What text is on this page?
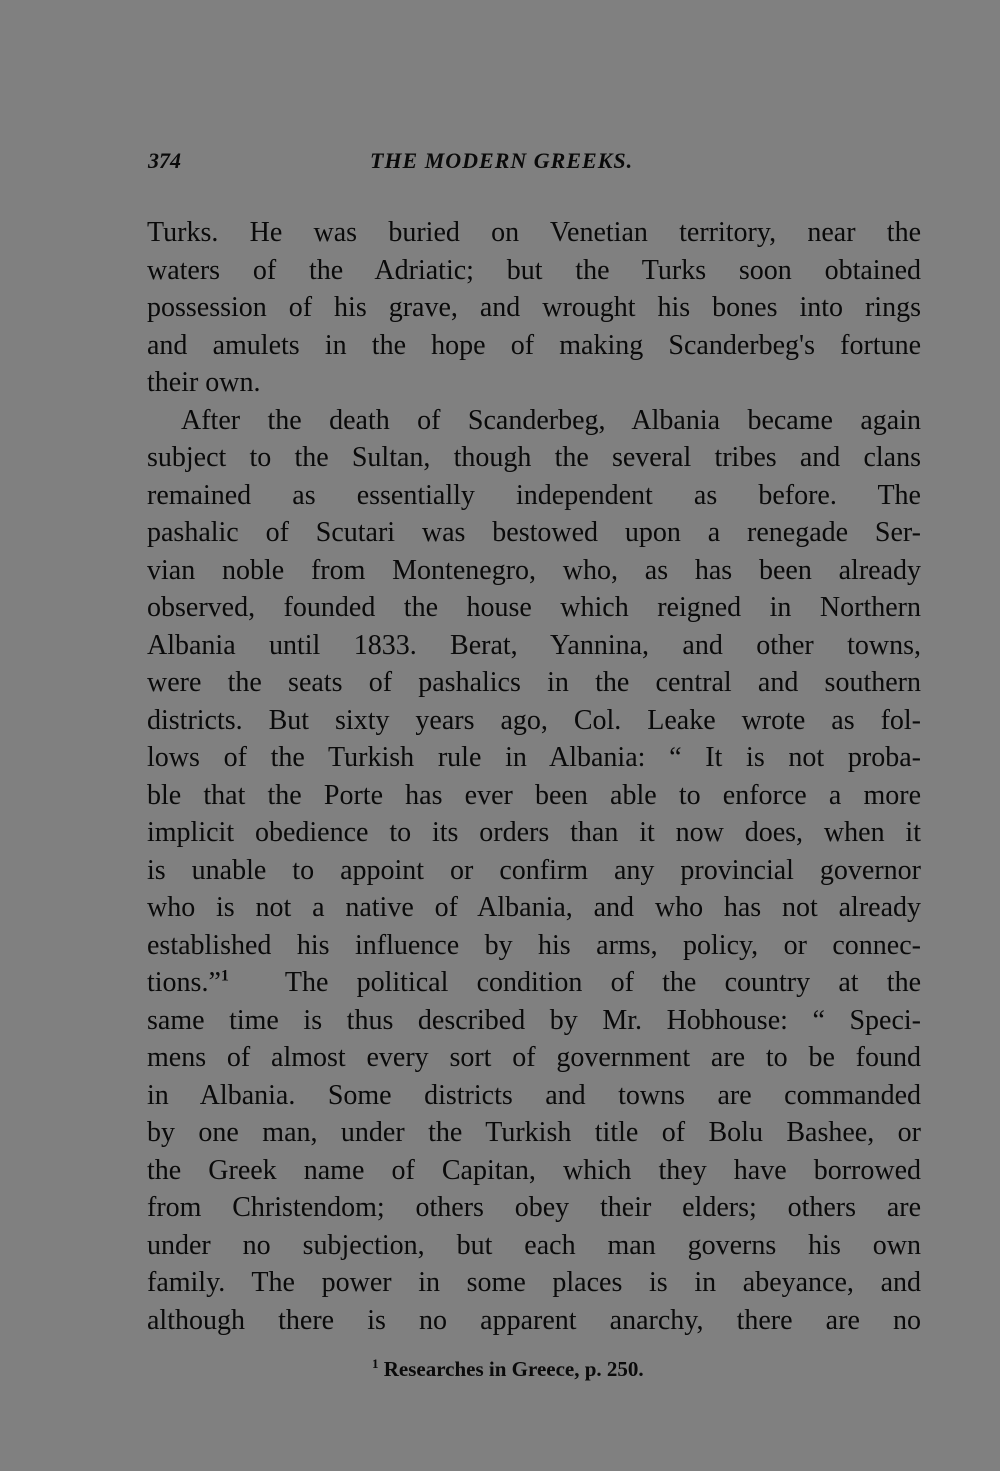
374	THE MODERN GREEKS.
Turks. He was buried on Venetian territory, near the
waters of the Adriatic; but the Turks soon obtained
possession of his grave, and wrought his bones into rings
and amulets in the hope of making Scanderbeg's fortune
their own.
After the death of Scanderbeg, Albania became again
subject to the Sultan, though the several tribes and clans
remained as essentially independent as before. The
pashalic of Scutari was bestowed upon a renegade Ser-
vian noble from Montenegro, who, as has been already
observed, founded the house which reigned in Northern
Albania until 1833. Berat, Yannina, and other towns,
were the seats of pashalics in the central and southern
districts. But sixty years ago, Col. Leake wrote as fol-
lows of the Turkish rule in Albania: “ It is not proba-
ble that the Porte has ever been able to enforce a more
implicit obedience to its orders than it now does, when it
is unable to appoint or confirm any provincial governor
who is not a native of Albania, and who has not already
established his influence by his arms, policy, or connec-
tions.”$^1$ The political condition of the country at the
same time is thus described by Mr. Hobhouse: “ Speci-
mens of almost every sort of government are to be found
in Albania. Some districts and towns are commanded
by one man, under the Turkish title of Bolu Bashee, or
the Greek name of Capitan, which they have borrowed
from Christendom; others obey their elders; others are
under no subjection, but each man governs his own
family. The power in some places is in abeyance, and
although there is no apparent anarchy, there are no
$^1$ Researches in Greece, p. 250.
